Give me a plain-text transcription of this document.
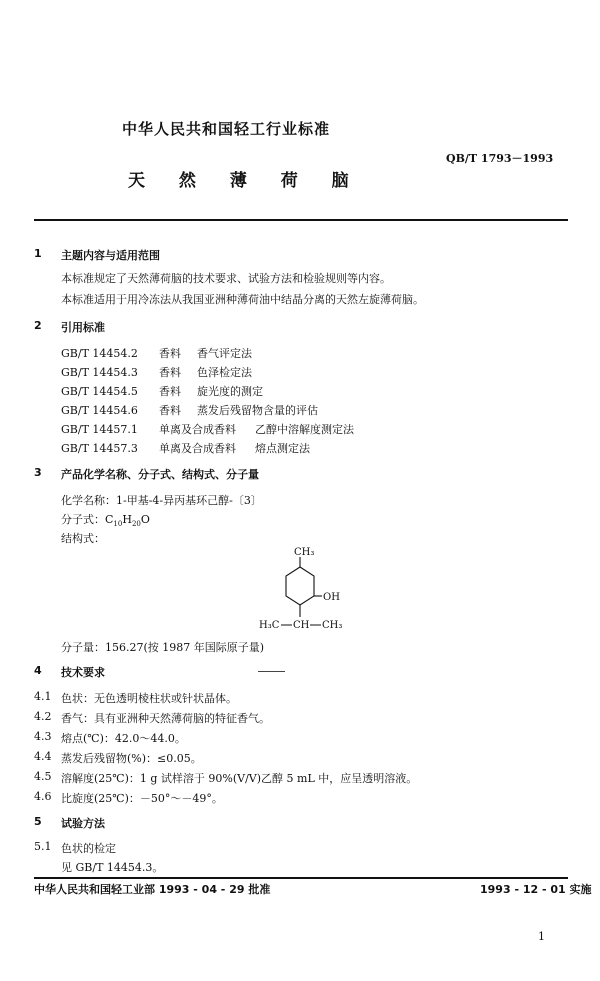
中华人民共和国轻工行业标准
QB/T 1793－1993
天 然 薄 荷 脑
1 主题内容与适用范围
本标准规定了天然薄荷脑的技术要求、试验方法和检验规则等内容。
本标准适用于用冷冻法从我国亚洲种薄荷油中结晶分离的天然左旋薄荷脑。
2 引用标准
GB/T 14454.2 香料 香气评定法
GB/T 14454.3 香料 色泽检定法
GB/T 14454.5 香料 旋光度的测定
GB/T 14454.6 香料 蒸发后残留物含量的评估
GB/T 14457.1 单离及合成香料 乙醇中溶解度测定法
GB/T 14457.3 单离及合成香料 熔点测定法
3 产品化学名称、分子式、结构式、分子量
化学名称：1-甲基-4-异丙基环己醇-〔3〕
分子式：$C_{10}H_{20}O$
结构式：
CH₃
OH
H₃C CH CH₃
分子量：156.27(按 1987 年国际原子量)
4 技术要求
4.1 色状：无色透明棱柱状或针状晶体。
4.2 香气：具有亚洲种天然薄荷脑的特征香气。
4.3 熔点(℃)：42.0～44.0。
4.4 蒸发后残留物(%)：≤0.05。
4.5 溶解度(25℃)：1 g 试样溶于 90%(V/V)乙醇 5 mL 中，应呈透明溶液。
4.6 比旋度(25℃)：－50°～－49°。
5 试验方法
5.1 色状的检定
见 GB/T 14454.3。
中华人民共和国轻工业部 1993 - 04 - 29 批准	1993 - 12 - 01 实施
1
